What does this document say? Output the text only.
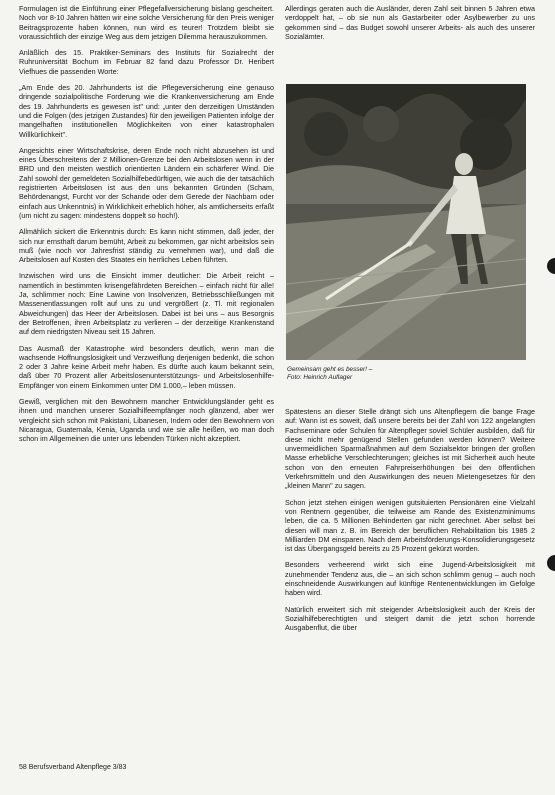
Formulagen ist die Einführung einer Pflegefallversicherung bislang gescheitert. Noch vor 8-10 Jahren hätten wir eine solche Versicherung für den Preis weniger Beitragsprozente haben können, nun wird es teurer! Trotzdem bleibt sie voraussichtlich der einzige Weg aus dem jetzigen Dilemma herauszukommen.

Anläßlich des 15. Praktiker-Seminars des Instituts für Sozialrecht der Ruhruniversität Bochum im Februar 82 fand dazu Professor Dr. Heribert Viefhues die passenden Worte:

„Am Ende des 20. Jahrhunderts ist die Pflegeversicherung eine genauso dringende sozialpolitische Forderung wie die Krankenversicherung am Ende des 19. Jahrhunderts es gewesen ist" und: „unter den derzeitigen Umständen und die Folgen (des jetzigen Zustandes) für den jeweiligen Patienten infolge der mangelhaften institutionellen Möglichkeiten von einer katastrophalen Willkürlichkeit".

Angesichts einer Wirtschaftskrise, deren Ende noch nicht abzusehen ist und eines Überschreitens der 2 Millionen-Grenze bei den Arbeitslosen wenn in der BRD und den meisten westlich orientierten Ländern ein schärferer Wind. Die Zahl sowohl der gemeldeten Sozialhilfebedürftigen, wie auch die der tatsächlich registrierten Arbeitslosen ist aus den uns bekannten Gründen (Scham, Behördenangst, Furcht vor der Schande oder dem Gerede der Nachbarn oder einfach aus Unkenntnis) in Wirklichkeit erheblich höher, als amtlicherseits erfaßt (um nicht zu sagen: mindestens doppelt so hoch!).

Allmählich sickert die Erkenntnis durch: Es kann nicht stimmen, daß jeder, der sich nur ernsthaft darum bemüht, Arbeit zu bekommen, gar nicht arbeitslos sein muß (wie noch vor Jahresfrist ständig zu vernehmen war), und daß die Arbeitslosen auf Kosten des Staates ein herrliches Leben führten.

Inzwischen wird uns die Einsicht immer deutlicher: Die Arbeit reicht – namentlich in bestimmten krisengefährdeten Bereichen – einfach nicht für alle! Ja, schlimmer noch: Eine Lawine von Insolvenzen, Betriebsschließungen mit Massenentlassungen rollt auf uns zu und vergrößert (z. Tl. mit regionalen Abweichungen) das Heer der Arbeitslosen. Dabei ist bei uns – aus Besorgnis der Betroffenen, ihren Arbeitsplatz zu verlieren – der derzeitige Krankenstand auf dem niedrigsten Niveau seit 15 Jahren.

Das Ausmaß der Katastrophe wird besonders deutlich, wenn man die wachsende Hoffnungslosigkeit und Verzweiflung derjenigen bedenkt, die schon 2 oder 3 Jahre keine Arbeit mehr haben. Es dürfte auch kaum bekannt sein, daß über 70 Prozent aller Arbeitslosenunterstützungs- und Arbeitslosenhilfe-Empfänger von einem Einkommen unter DM 1.000,– leben müssen.

Gewiß, verglichen mit den Bewohnern mancher Entwicklungsländer geht es ihnen und manchen unserer Sozialhilfeempfänger noch glänzend, aber wer vergleicht sich schon mit Pakistani, Libanesen, Indern oder den Bewohnern von Nicaragua, Guatemala, Kenia, Uganda und wie sie alle heißen, wo man doch schon im Allgemeinen die unter uns lebenden Türken nicht akzeptiert.

Allerdings geraten auch die Ausländer, deren Zahl seit binnen 5 Jahren etwa verdoppelt hat, – ob sie nun als Gastarbeiter oder Asylbewerber zu uns gekommen sind – das Budget sowohl unserer Arbeits- als auch des unserer Sozialämter.

Gemeinsam geht es besser! –
Foto: Heinrich Auflager

Spätestens an dieser Stelle drängt sich uns Altenpflegern die bange Frage auf: Wann ist es soweit, daß unsere bereits bei der Zahl von 122 angelangten Fachseminare oder Schulen für Altenpfleger soviel Schüler ausbilden, daß für diese nicht mehr genügend Stellen gefunden werden können? Weitere unvermeidlichen Sparmaßnahmen auf dem Sozialsektor bringen der großen Masse erhebliche Verschlechterungen; gleiches ist mit Sicherheit auch heute schon von den erneuten Fahrpreiserhöhungen bei den öffentlichen Verkehrsmitteln und den Auswirkungen des neuen Mietengesetzes für den „kleinen Mann" zu sagen.

Schon jetzt stehen einigen wenigen gutsituierten Pensionären eine Vielzahl von Rentnern gegenüber, die teilweise am Rande des Existenzminimums leben, die ca. 5 Millionen Behinderten gar nicht gerechnet. Aber selbst bei diesen will man z. B. im Bereich der beruflichen Rehabilitation bis 1985 2 Milliarden DM einsparen. Nach dem Arbeitsförderungs-Konsolidierungsgesetz ist das Übergangsgeld bereits zu 25 Prozent gekürzt worden.

Besonders verheerend wirkt sich eine Jugend-Arbeitslosigkeit mit zunehmender Tendenz aus, die – an sich schon schlimm genug – auch noch einschneidende Auswirkungen auf künftige Rentenentwicklungen im Gefolge haben wird.

Natürlich erweitert sich mit steigender Arbeitslosigkeit auch der Kreis der Sozialhilfeberechtigten und steigert damit die jetzt schon horrende Ausgabenflut, die über

58 Berufsverband Altenpflege 3/83
